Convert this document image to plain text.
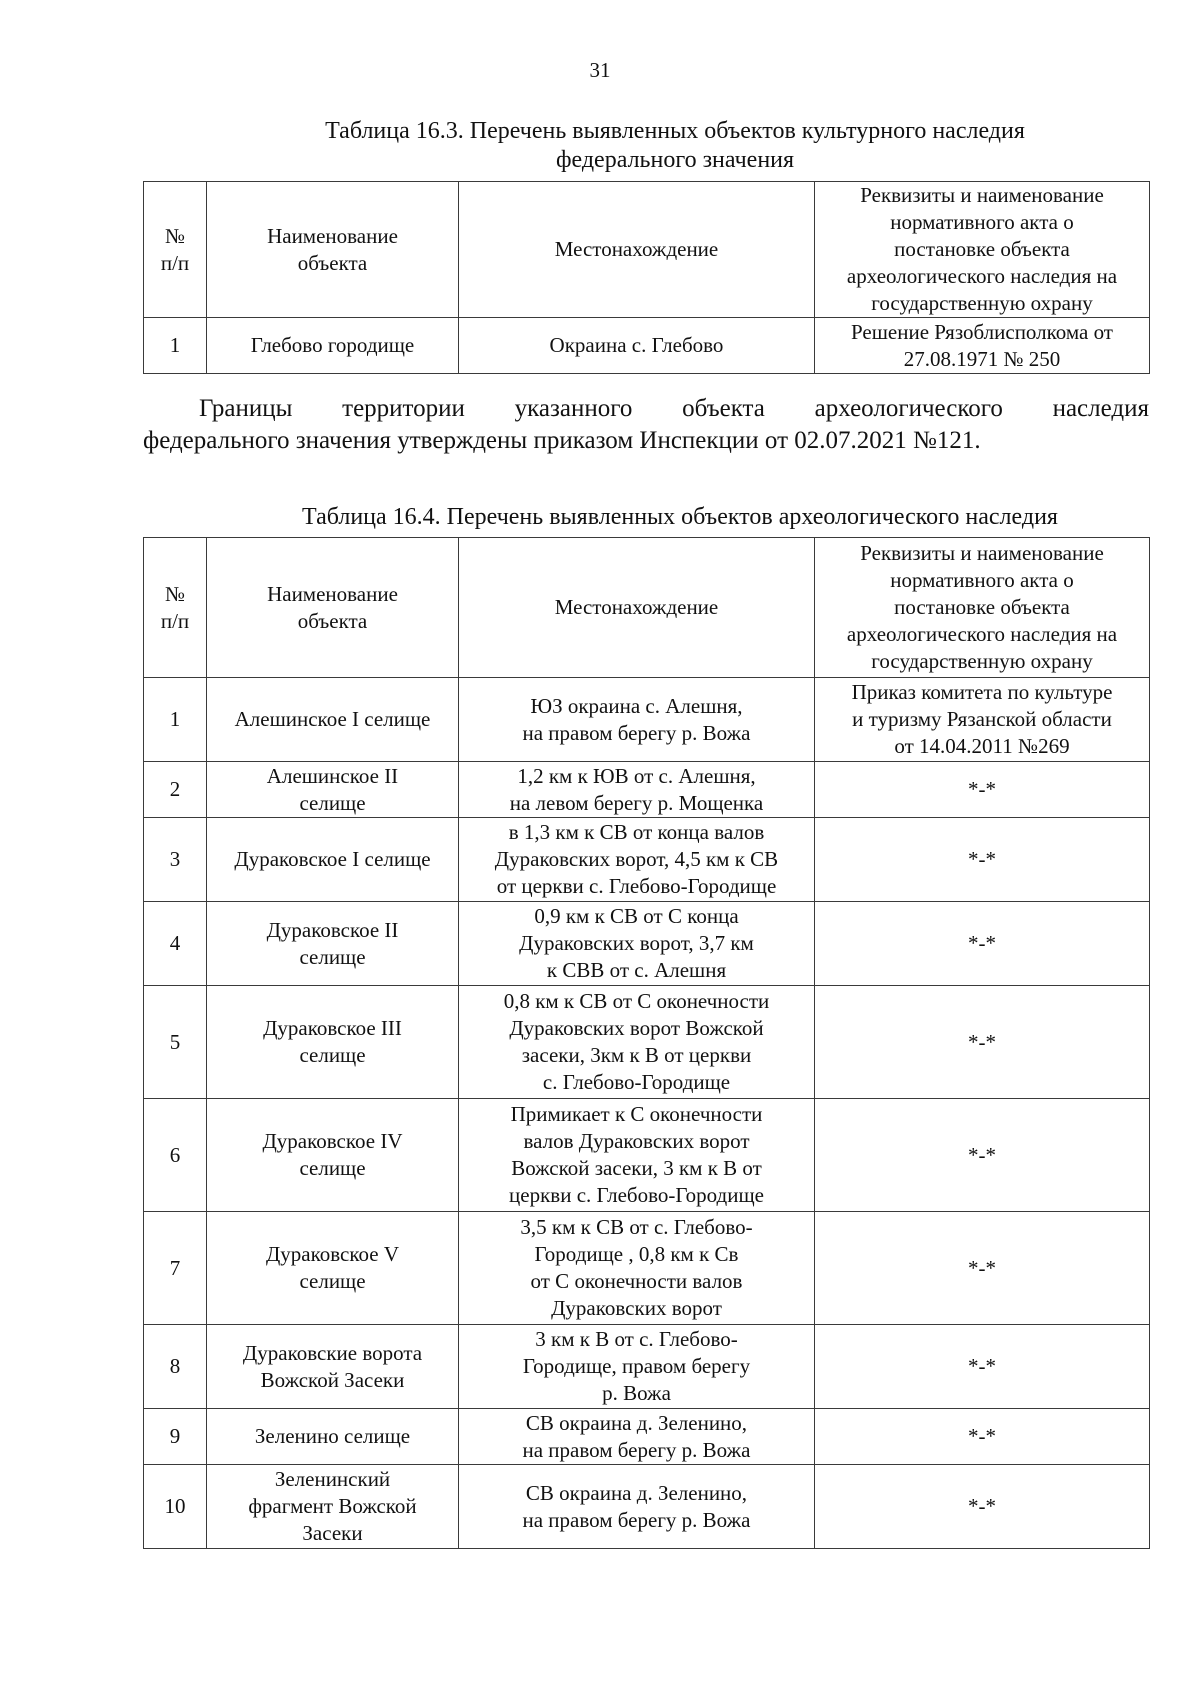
31
Таблица 16.3. Перечень выявленных объектов культурного наследия
федерального значения
№
п/п	Наименование
объекта	Местонахождение	Реквизиты и наименование
нормативного акта о
постановке объекта
археологического наследия на
государственную охрану
1	Глебово городище	Окраина с. Глебово	Решение Рязоблисполкома от
27.08.1971 № 250
Границы территории указанного объекта археологического наследия
федерального значения утверждены приказом Инспекции от 02.07.2021 №121.
Таблица 16.4. Перечень выявленных объектов археологического наследия
№
п/п	Наименование
объекта	Местонахождение	Реквизиты и наименование
нормативного акта о
постановке объекта
археологического наследия на
государственную охрану
1	Алешинское I селище	ЮЗ окраина с. Алешня,
на правом берегу р. Вожа	Приказ комитета по культуре
и туризму Рязанской области
от 14.04.2011 №269
2	Алешинское II
селище	1,2 км к ЮВ от с. Алешня,
на левом берегу р. Мощенка	*-*
3	Дураковское I селище	в 1,3 км к СВ от конца валов
Дураковских ворот, 4,5 км к СВ
от церкви с. Глебово-Городище	*-*
4	Дураковское II
селище	0,9 км к СВ от С конца
Дураковских ворот, 3,7 км
к СВВ от с. Алешня	*-*
5	Дураковское III
селище	0,8 км к СВ от С оконечности
Дураковских ворот Вожской
засеки, 3км к В от церкви
с. Глебово-Городище	*-*
6	Дураковское IV
селище	Примикает к С оконечности
валов Дураковских ворот
Вожской засеки, 3 км к В от
церкви с. Глебово-Городище	*-*
7	Дураковское V
селище	3,5 км к СВ от с. Глебово-
Городище , 0,8 км к Св
от С оконечности валов
Дураковских ворот	*-*
8	Дураковские ворота
Вожской Засеки	3 км к В от с. Глебово-
Городище, правом берегу
р. Вожа	*-*
9	Зеленино селище	СВ окраина д. Зеленино,
на правом берегу р. Вожа	*-*
10	Зеленинский
фрагмент Вожской
Засеки	СВ окраина д. Зеленино,
на правом берегу р. Вожа	*-*
